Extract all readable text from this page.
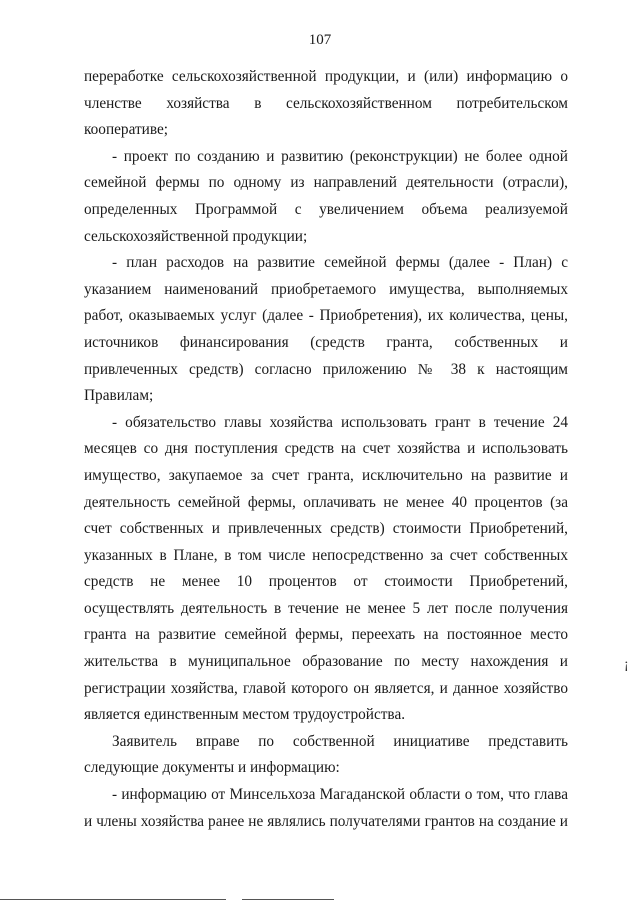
107

переработке сельскохозяйственной продукции, и (или) информацию о членстве хозяйства в сельскохозяйственном потребительском кооперативе;

- проект по созданию и развитию (реконструкции) не более одной семейной фермы по одному из направлений деятельности (отрасли), определенных Программой с увеличением объема реализуемой сельскохозяйственной продукции;

- план расходов на развитие семейной фермы (далее - План) с указанием наименований приобретаемого имущества, выполняемых работ, оказываемых услуг (далее - Приобретения), их количества, цены, источников финансирования (средств гранта, собственных и привлеченных средств) согласно приложению № 38 к настоящим Правилам;

- обязательство главы хозяйства использовать грант в течение 24 месяцев со дня поступления средств на счет хозяйства и использовать имущество, закупаемое за счет гранта, исключительно на развитие и деятельность семейной фермы, оплачивать не менее 40 процентов (за счет собственных и привлеченных средств) стоимости Приобретений, указанных в Плане, в том числе непосредственно за счет собственных средств не менее 10 процентов от стоимости Приобретений, осуществлять деятельность в течение не менее 5 лет после получения гранта на развитие семейной фермы, переехать на постоянное место жительства в муниципальное образование по месту нахождения и регистрации хозяйства, главой которого он является, и данное хозяйство является единственным местом трудоустройства.

Заявитель вправе по собственной инициативе представить следующие документы и информацию:

- информацию от Минсельхоза Магаданской области о том, что глава и члены хозяйства ранее не являлись получателями грантов на создание и

¡
